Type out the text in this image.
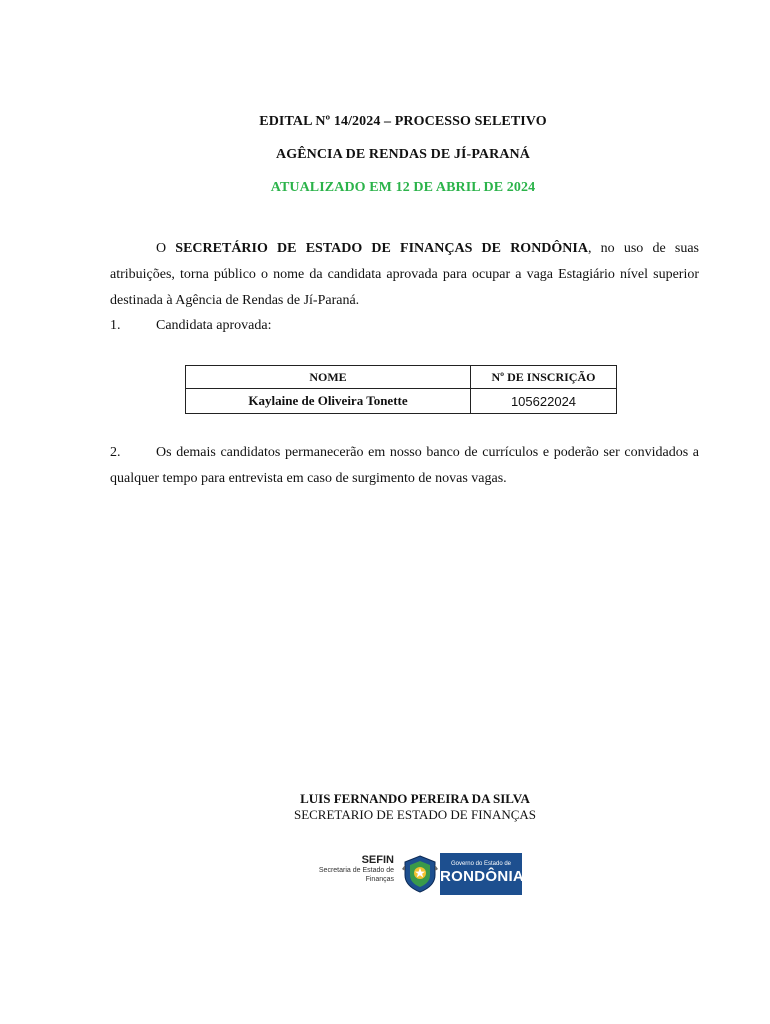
EDITAL Nº 14/2024 – PROCESSO SELETIVO
AGÊNCIA DE RENDAS DE JÍ-PARANÁ
ATUALIZADO EM 12 DE ABRIL DE 2024
O SECRETÁRIO DE ESTADO DE FINANÇAS DE RONDÔNIA, no uso de suas atribuições, torna público o nome da candidata aprovada para ocupar a vaga Estagiário nível superior destinada à Agência de Rendas de Jí-Paraná.
1.	Candidata aprovada:
NOME	Nº DE INSCRIÇÃO
Kaylaine de Oliveira Tonette	105622024
2.	Os demais candidatos permanecerão em nosso banco de currículos e poderão ser convidados a qualquer tempo para entrevista em caso de surgimento de novas vagas.
LUIS FERNANDO PEREIRA DA SILVA
SECRETARIO DE ESTADO DE FINANÇAS
SEFIN
Secretaria de Estado de
Finanças
Governo do Estado de
RONDÔNIA
